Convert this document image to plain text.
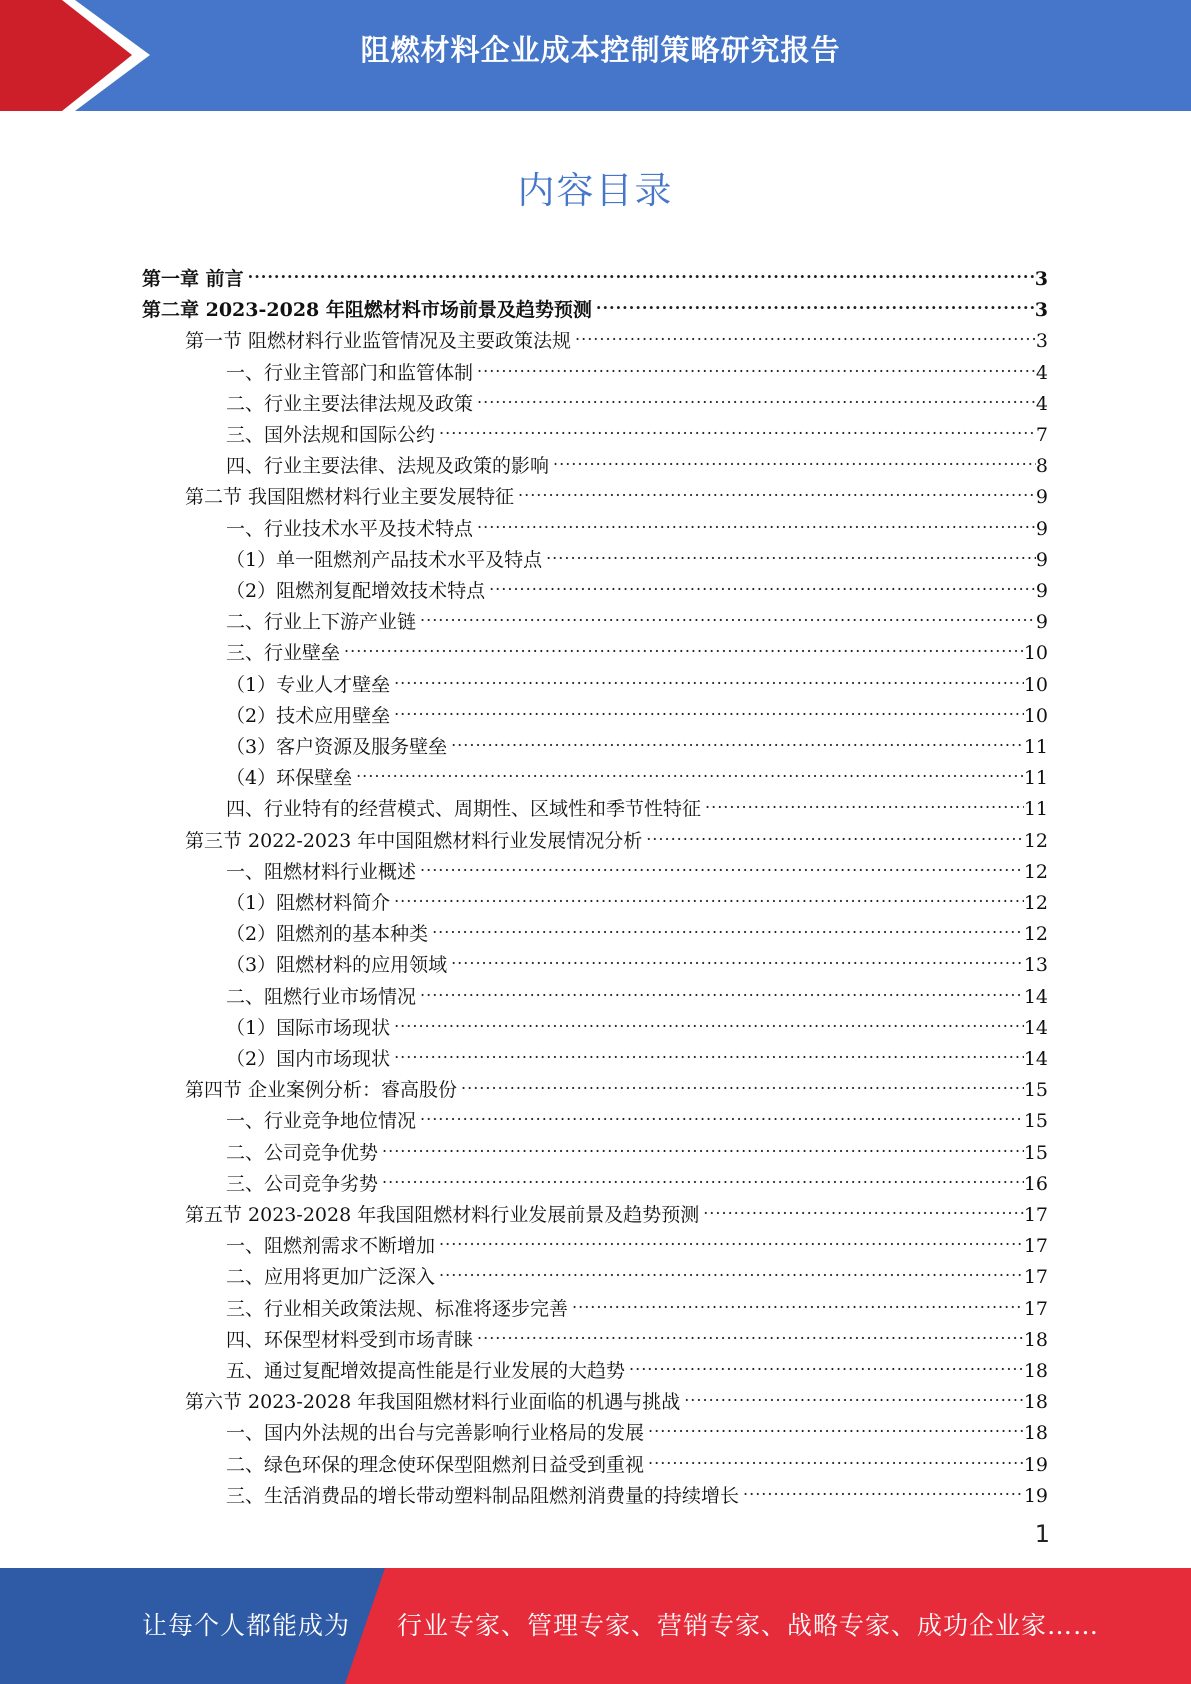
阻燃材料企业成本控制策略研究报告
内容目录
第一章 前言 .....	3
第二章 2023-2028 年阻燃材料市场前景及趋势预测 .....	3
第一节 阻燃材料行业监管情况及主要政策法规 .....	3
一、行业主管部门和监管体制 .....	4
二、行业主要法律法规及政策 .....	4
三、国外法规和国际公约 .....	7
四、行业主要法律、法规及政策的影响 .....	8
第二节 我国阻燃材料行业主要发展特征 .....	9
一、行业技术水平及技术特点 .....	9
（1）单一阻燃剂产品技术水平及特点 .....	9
（2）阻燃剂复配增效技术特点 .....	9
二、行业上下游产业链 .....	9
三、行业壁垒 .....	10
（1）专业人才壁垒 .....	10
（2）技术应用壁垒 .....	10
（3）客户资源及服务壁垒 .....	11
（4）环保壁垒 .....	11
四、行业特有的经营模式、周期性、区域性和季节性特征 .....	11
第三节 2022-2023 年中国阻燃材料行业发展情况分析 .....	12
一、阻燃材料行业概述 .....	12
（1）阻燃材料简介 .....	12
（2）阻燃剂的基本种类 .....	12
（3）阻燃材料的应用领域 .....	13
二、阻燃行业市场情况 .....	14
（1）国际市场现状 .....	14
（2）国内市场现状 .....	14
第四节 企业案例分析：睿高股份 .....	15
一、行业竞争地位情况 .....	15
二、公司竞争优势 .....	15
三、公司竞争劣势 .....	16
第五节 2023-2028 年我国阻燃材料行业发展前景及趋势预测 .....	17
一、阻燃剂需求不断增加 .....	17
二、应用将更加广泛深入 .....	17
三、行业相关政策法规、标准将逐步完善 .....	17
四、环保型材料受到市场青睐 .....	18
五、通过复配增效提高性能是行业发展的大趋势 .....	18
第六节 2023-2028 年我国阻燃材料行业面临的机遇与挑战 .....	18
一、国内外法规的出台与完善影响行业格局的发展 .....	18
二、绿色环保的理念使环保型阻燃剂日益受到重视 .....	19
三、生活消费品的增长带动塑料制品阻燃剂消费量的持续增长 .....	19
1
让每个人都能成为 行业专家、管理专家、营销专家、战略专家、成功企业家……
